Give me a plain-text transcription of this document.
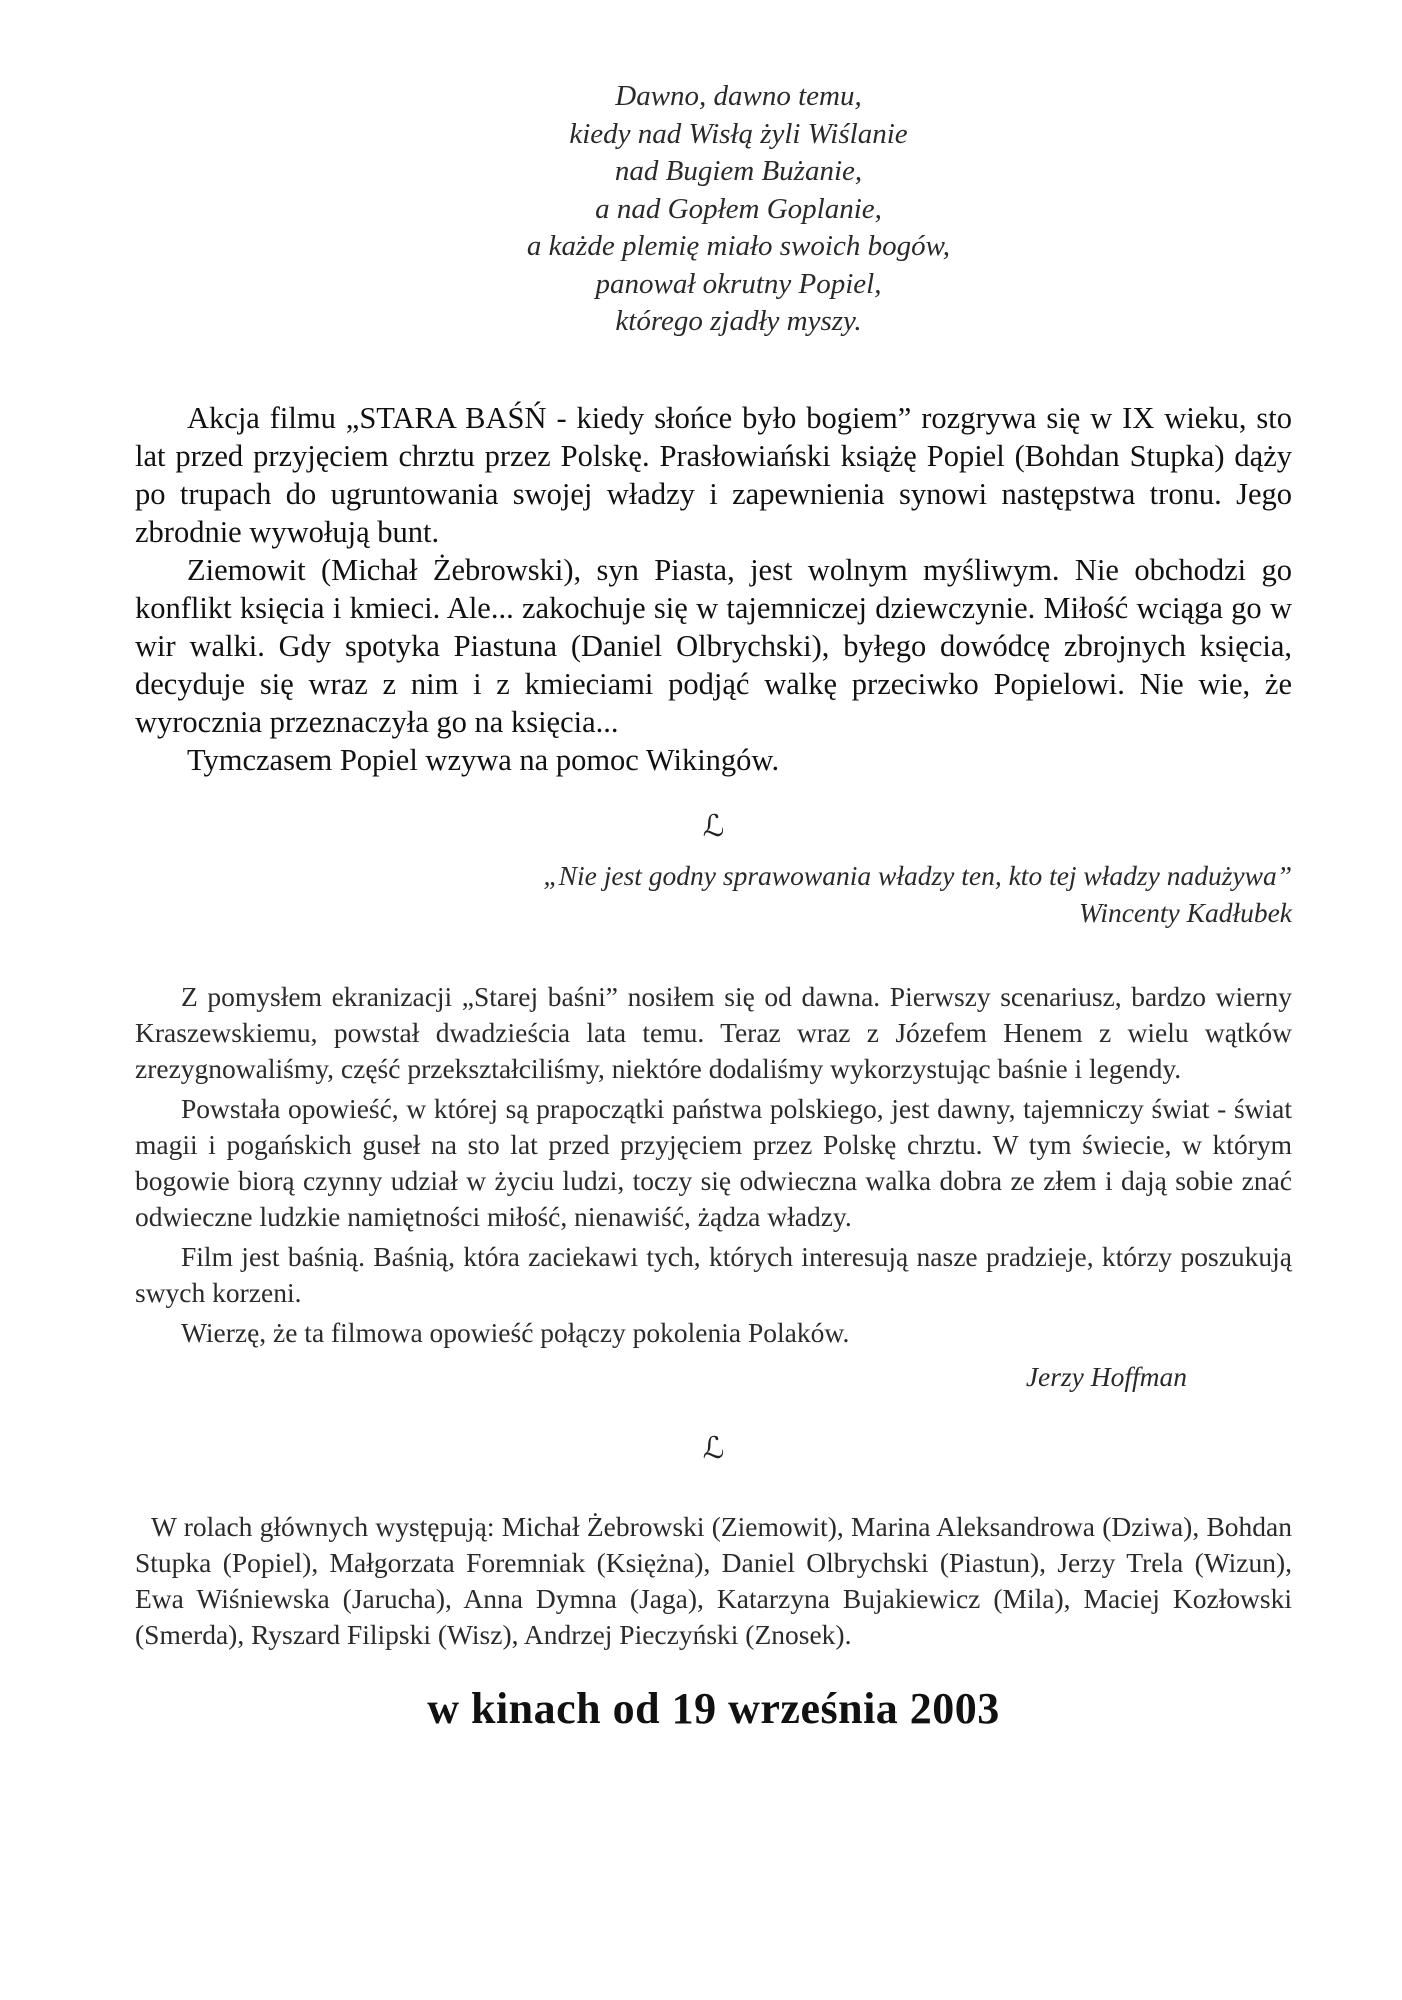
Dawno, dawno temu,
kiedy nad Wisłą żyli Wiślanie
nad Bugiem Bużanie,
a nad Gopłem Goplanie,
a każde plemię miało swoich bogów,
panował okrutny Popiel,
którego zjadły myszy.

Akcja filmu „STARA BAŚŃ - kiedy słońce było bogiem” rozgrywa się w IX wieku, sto lat przed przyjęciem chrztu przez Polskę. Prasłowiański książę Popiel (Bohdan Stupka) dąży po trupach do ugruntowania swojej władzy i zapewnienia synowi następstwa tronu. Jego zbrodnie wywołują bunt.

Ziemowit (Michał Żebrowski), syn Piasta, jest wolnym myśliwym. Nie obchodzi go konflikt księcia i kmieci. Ale... zakochuje się w tajemniczej dziewczynie. Miłość wciąga go w wir walki. Gdy spotyka Piastuna (Daniel Olbrychski), byłego dowódcę zbrojnych księcia, decyduje się wraz z nim i z kmieciami podjąć walkę przeciwko Popielowi. Nie wie, że wyrocznia przeznaczyła go na księcia...

Tymczasem Popiel wzywa na pomoc Wikingów.

ℒ
„Nie jest godny sprawowania władzy ten, kto tej władzy nadużywa”
Wincenty Kadłubek

Z pomysłem ekranizacji „Starej baśni” nosiłem się od dawna. Pierwszy scenariusz, bardzo wierny Kraszewskiemu, powstał dwadzieścia lata temu. Teraz wraz z Józefem Henem z wielu wątków zrezygnowaliśmy, część przekształciliśmy, niektóre dodaliśmy wykorzystując baśnie i legendy.

Powstała opowieść, w której są prapoczątki państwa polskiego, jest dawny, tajemniczy świat - świat magii i pogańskich guseł na sto lat przed przyjęciem przez Polskę chrztu. W tym świecie, w którym bogowie biorą czynny udział w życiu ludzi, toczy się odwieczna walka dobra ze złem i dają sobie znać odwieczne ludzkie namiętności miłość, nienawiść, żądza władzy.

Film jest baśnią. Baśnią, która zaciekawi tych, których interesują nasze pradzieje, którzy poszukują swych korzeni.

Wierzę, że ta filmowa opowieść połączy pokolenia Polaków.

Jerzy Hoffman
ℒ

W rolach głównych występują: Michał Żebrowski (Ziemowit), Marina Aleksandrowa (Dziwa), Bohdan Stupka (Popiel), Małgorzata Foremniak (Księżna), Daniel Olbrychski (Piastun), Jerzy Trela (Wizun), Ewa Wiśniewska (Jarucha), Anna Dymna (Jaga), Katarzyna Bujakiewicz (Mila), Maciej Kozłowski (Smerda), Ryszard Filipski (Wisz), Andrzej Pieczyński (Znosek).

w kinach od 19 września 2003
